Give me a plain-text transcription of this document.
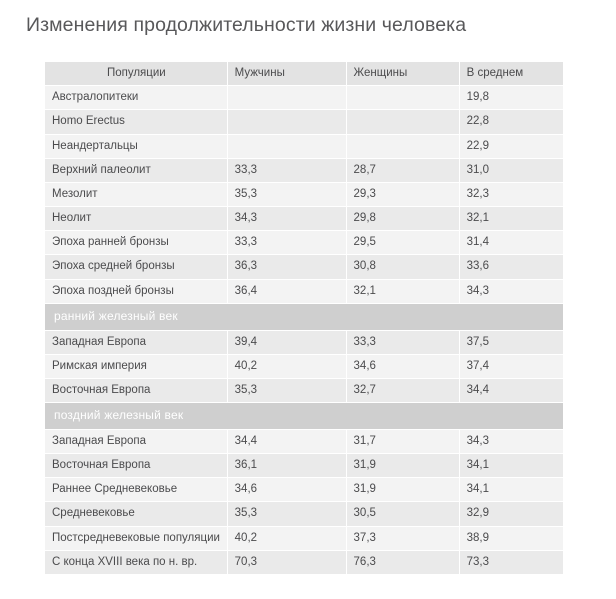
Изменения продолжительности жизни человека
Популяции	Мужчины	Женщины	В среднем
Австралопитеки			19,8
Homo Erectus			22,8
Неандертальцы			22,9
Верхний палеолит	33,3	28,7	31,0
Мезолит	35,3	29,3	32,3
Неолит	34,3	29,8	32,1
Эпоха ранней бронзы	33,3	29,5	31,4
Эпоха средней бронзы	36,3	30,8	33,6
Эпоха поздней бронзы	36,4	32,1	34,3
ранний железный век			
Западная Европа	39,4	33,3	37,5
Римская империя	40,2	34,6	37,4
Восточная Европа	35,3	32,7	34,4
поздний железный век			
Западная Европа	34,4	31,7	34,3
Восточная Европа	36,1	31,9	34,1
Раннее Средневековье	34,6	31,9	34,1
Средневековье	35,3	30,5	32,9
Постсредневековые популяции	40,2	37,3	38,9
С конца XVIII века по н. вр.	70,3	76,3	73,3
